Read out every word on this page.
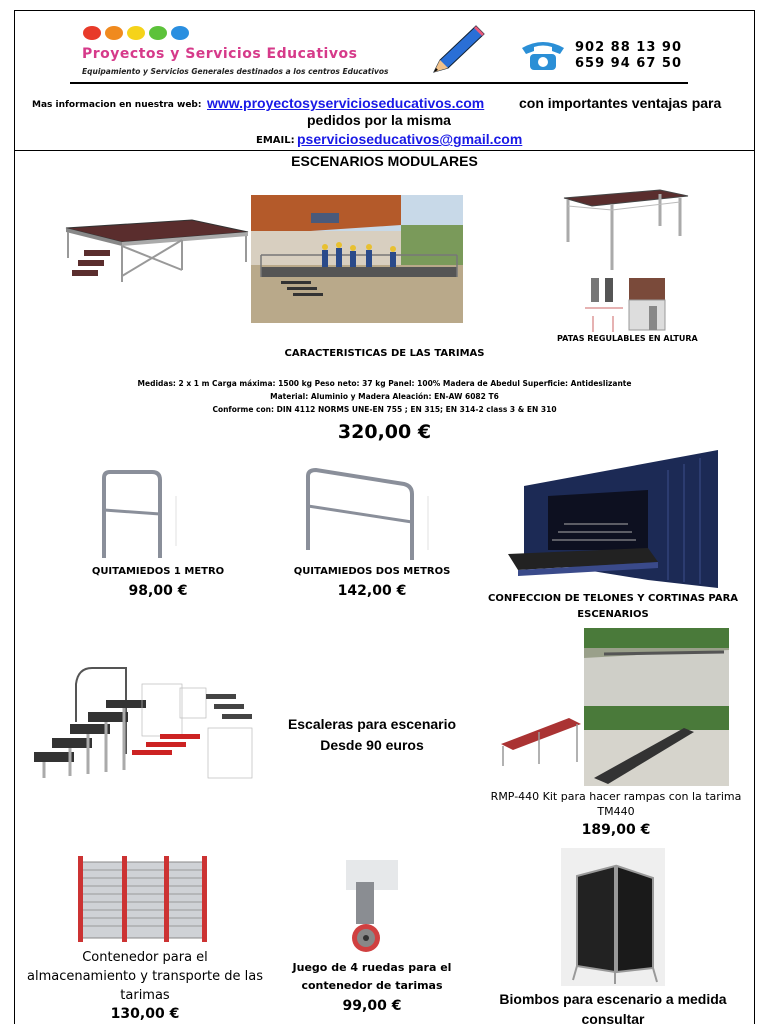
Proyectos y Servicios Educativos
Equipamiento y Servicios Generales destinados a los centros Educativos
902 88 13 90
659 94 67 50
Mas informacion en nuestra web: www.proyectosyservicioseducativos.com con importantes ventajas para
pedidos por la misma
EMAIL: pservicioseducativos@gmail.com
ESCENARIOS MODULARES
PATAS REGULABLES EN ALTURA
CARACTERISTICAS DE LAS TARIMAS
Medidas: 2 x 1 m Carga máxima: 1500 kg Peso neto: 37 kg Panel: 100% Madera de Abedul Superficie: Antideslizante
Material: Aluminio y Madera Aleación: EN-AW 6082 T6
Conforme con: DIN 4112 NORMS UNE-EN 755 ; EN 315; EN 314-2 class 3 & EN 310
320,00 €
QUITAMIEDOS 1 METRO
98,00 €
QUITAMIEDOS DOS METROS
142,00 €	CONFECCION DE TELONES Y CORTINAS PARA
ESCENARIOS
Escaleras para escenario
Desde 90 euros
RMP-440 Kit para hacer rampas con la tarima
TM440
189,00 €
Contenedor para el
almacenamiento y transporte de las
tarimas
130,00 €
Juego de 4 ruedas para el
contenedor de tarimas
99,00 €	Biombos para escenario a medida
consultar
